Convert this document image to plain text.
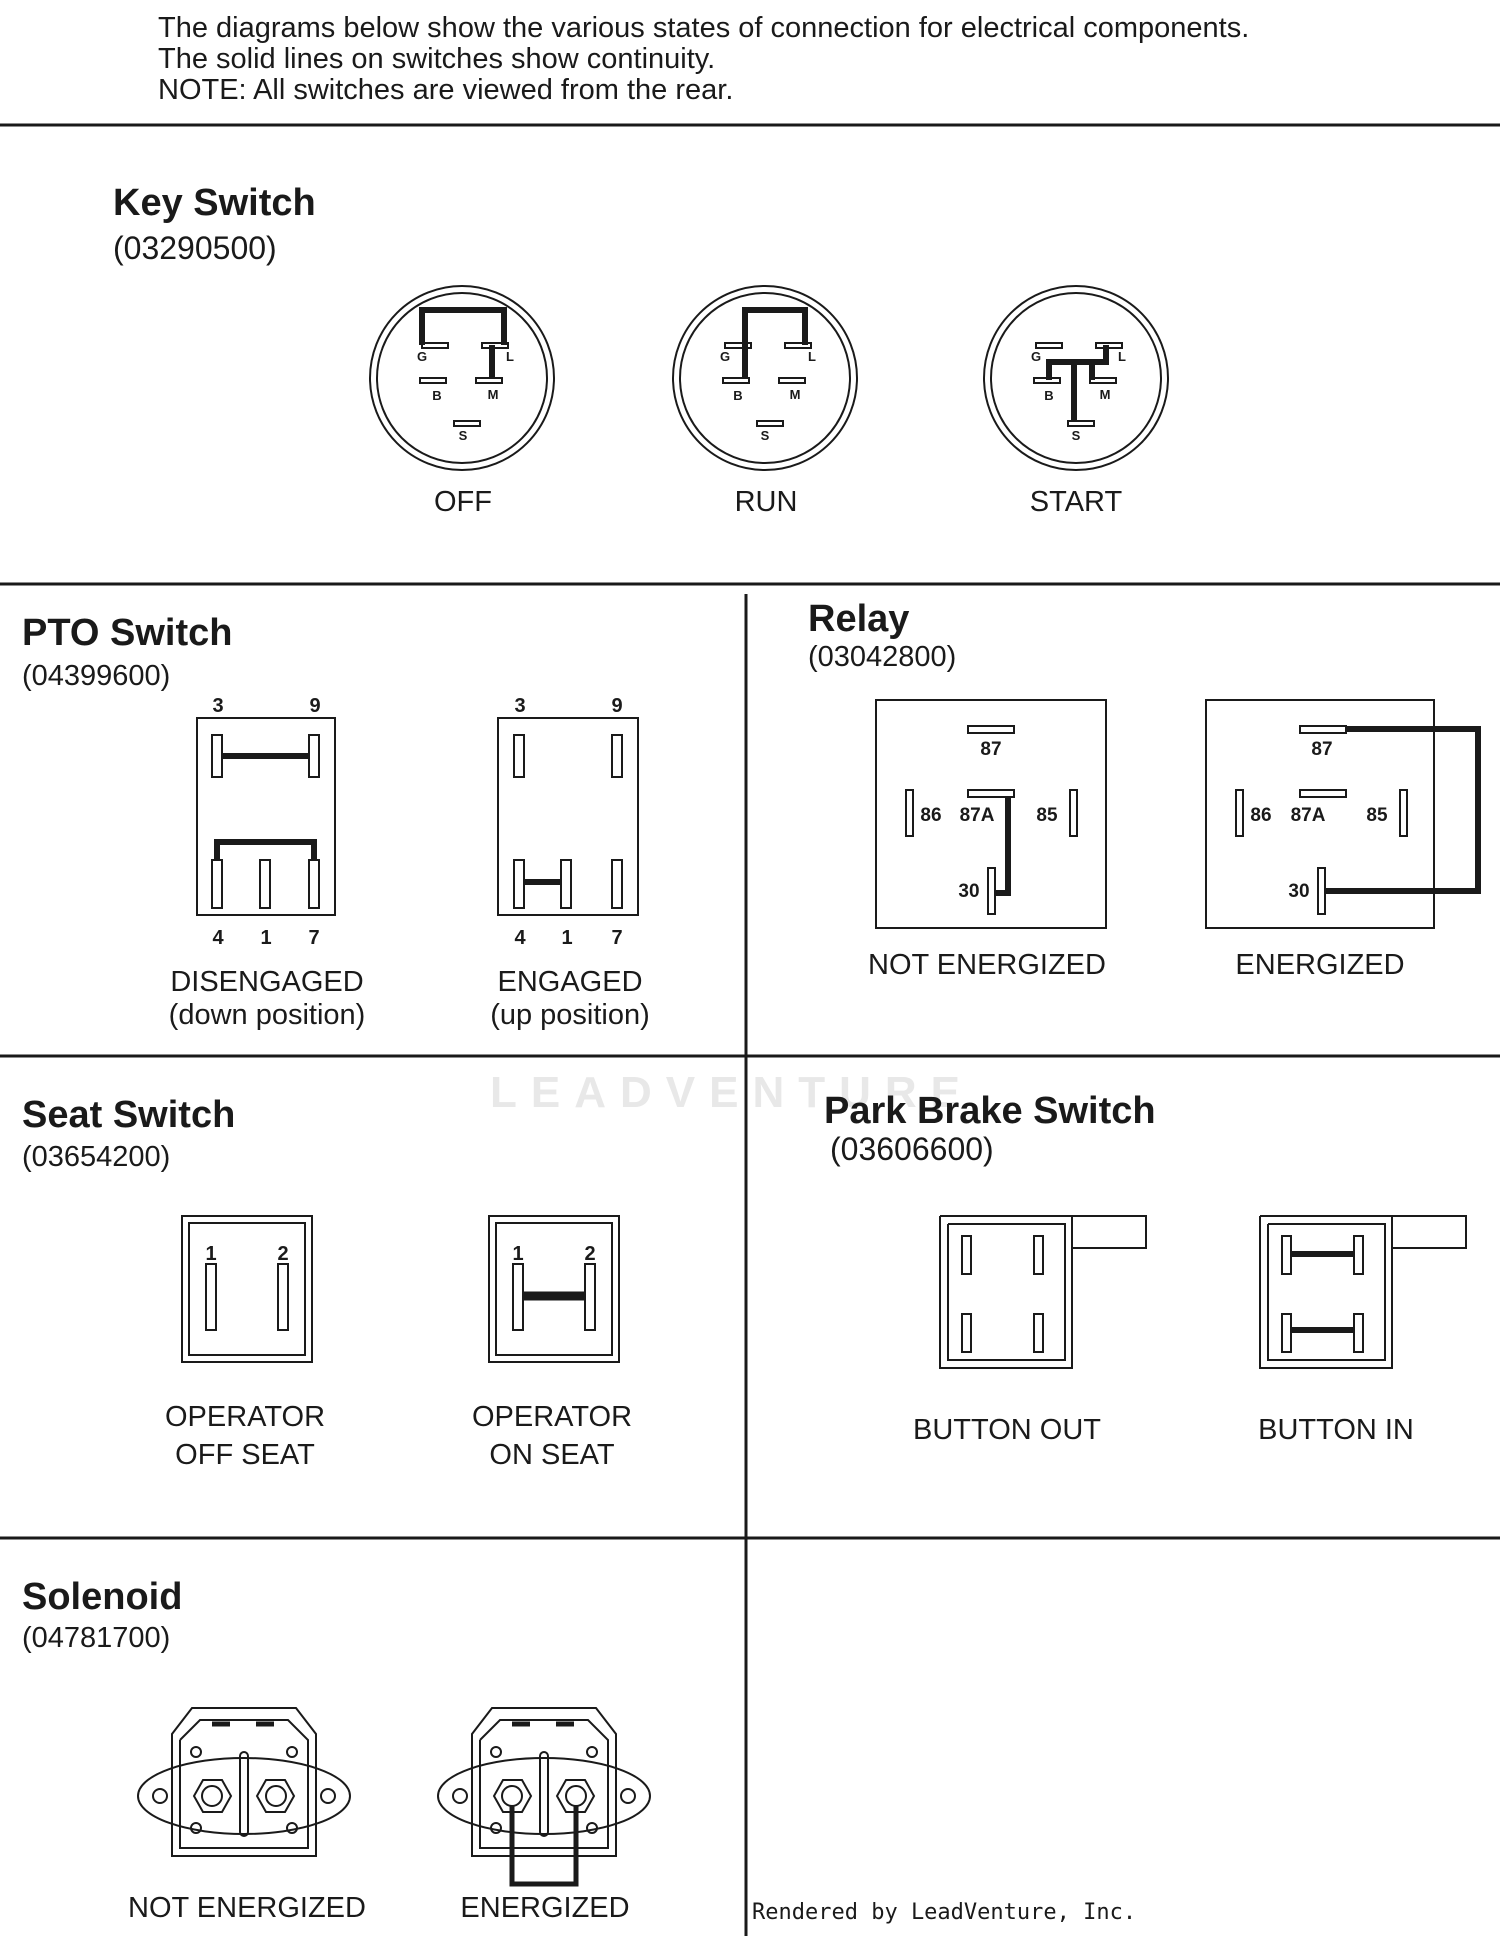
LEADVENTURE
The diagrams below show the various states of connection for electrical components.
The solid lines on switches show continuity.
NOTE: All switches are viewed from the rear.
G	L
B	M
S
G	L
B	M
S
G	L
B	M
S
3	9
4 1 7
3	9
4 1 7
87
86 87A 85
30
87
86 87A 85
30
1	2	1	2
Key Switch
(03290500)
PTO Switch
(04399600)
Relay
(03042800)
Seat Switch
(03654200)
Park Brake Switch
(03606600)
Solenoid
(04781700)
OFF	RUN	START
DISENGAGED
(down position)
ENGAGED
(up position)
NOT ENERGIZED	ENERGIZED
OPERATOR
OFF SEAT
OPERATOR
ON SEAT
BUTTON OUT	BUTTON IN
NOT ENERGIZED	ENERGIZED	Rendered by LeadVenture, Inc.
